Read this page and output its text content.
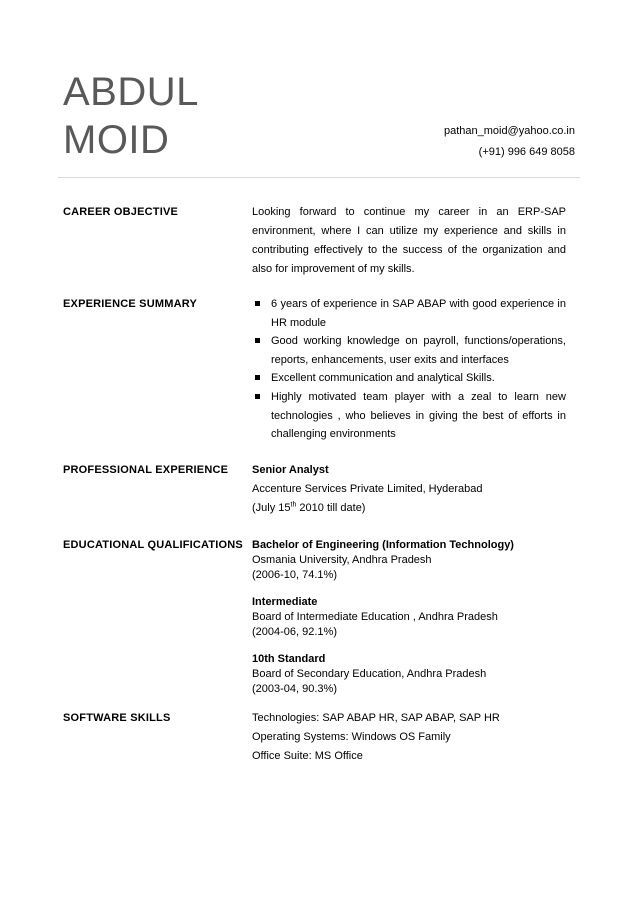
ABDUL
MOID	pathan_moid@yahoo.co.in
(+91) 996 649 8058
CAREER OBJECTIVE	Looking forward to continue my career in an ERP-SAP environment, where I can utilize my experience and skills in contributing effectively to the success of the organization and also for improvement of my skills.
EXPERIENCE SUMMARY	6 years of experience in SAP ABAP with good experience in HR module
Good working knowledge on payroll, functions/operations, reports, enhancements, user exits and interfaces
Excellent communication and analytical Skills.
Highly motivated team player with a zeal to learn new technologies , who believes in giving the best of efforts in challenging environments
PROFESSIONAL EXPERIENCE Senior Analyst
Accenture Services Private Limited, Hyderabad
(July 15th 2010 till date)
EDUCATIONAL QUALIFICATIONS Bachelor of Engineering (Information Technology)
Osmania University, Andhra Pradesh
(2006-10, 74.1%)
Intermediate
Board of Intermediate Education , Andhra Pradesh
(2004-06, 92.1%)
10th Standard
Board of Secondary Education, Andhra Pradesh
(2003-04, 90.3%)
SOFTWARE SKILLS	Technologies: SAP ABAP HR, SAP ABAP, SAP HR
Operating Systems: Windows OS Family
Office Suite: MS Office
